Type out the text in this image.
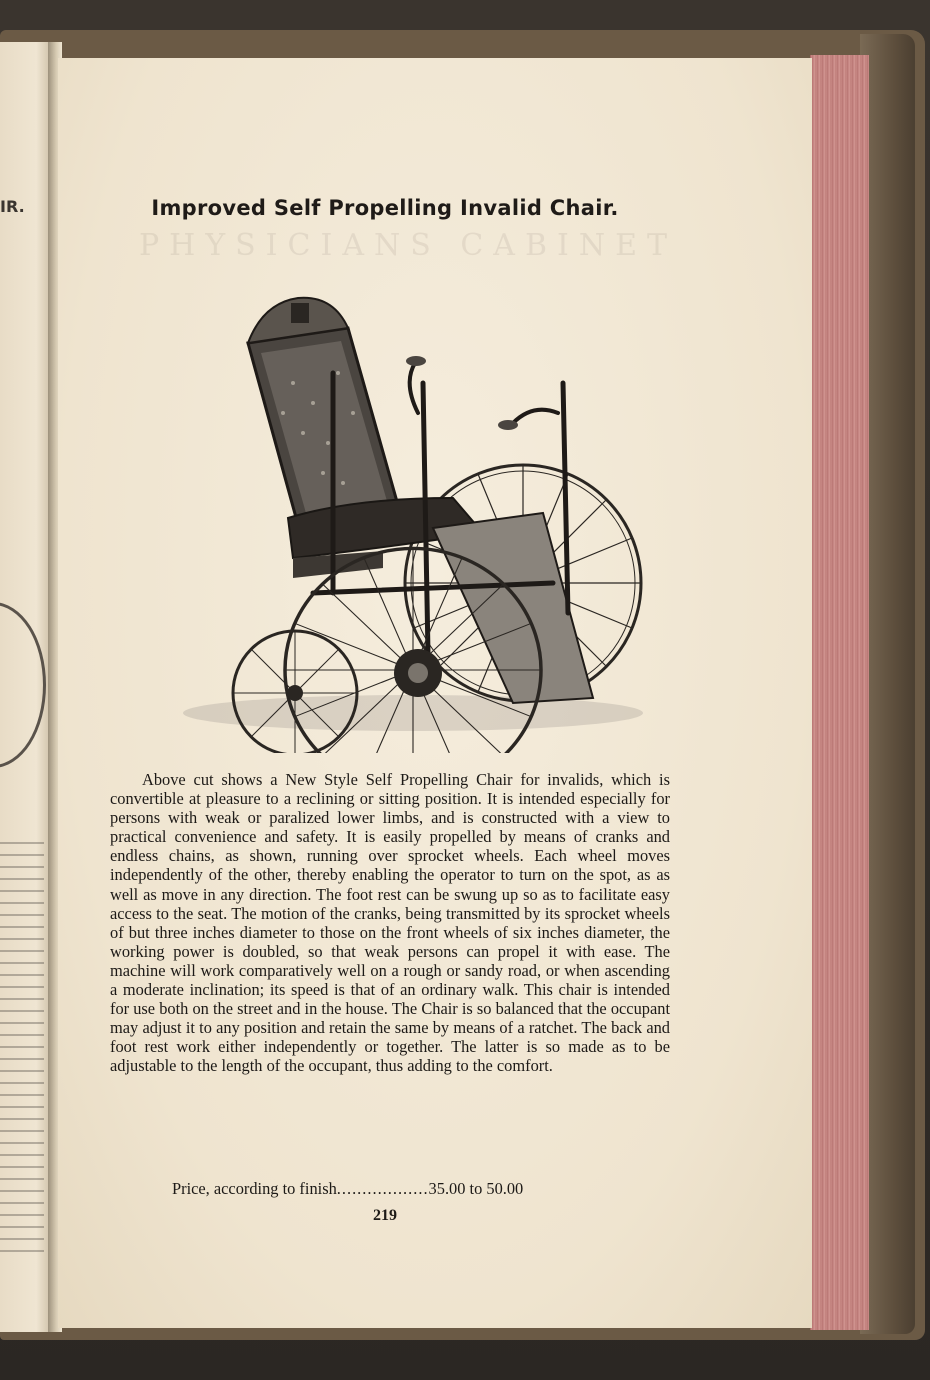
IR.
PHYSICIANS CABINET
Improved Self Propelling Invalid Chair.

Above cut shows a New Style Self Propelling Chair for invalids, which is convertible at pleasure to a reclining or sitting position. It is intended especially for persons with weak or paralized lower limbs, and is constructed with a view to practical convenience and safety. It is easily propelled by means of cranks and endless chains, as shown, running over sprocket wheels. Each wheel moves independently of the other, thereby enabling the operator to turn on the spot, as as well as move in any direction. The foot rest can be swung up so as to facilitate easy access to the seat. The motion of the cranks, being transmitted by its sprocket wheels of but three inches diameter to those on the front wheels of six inches diameter, the working power is doubled, so that weak persons can propel it with ease. The machine will work comparatively well on a rough or sandy road, or when ascending a moderate inclination; its speed is that of an ordinary walk. This chair is intended for use both on the street and in the house. The Chair is so balanced that the occupant may adjust it to any position and retain the same by means of a ratchet. The back and foot rest work either independently or together. The latter is so made as to be adjustable to the length of the occupant, thus adding to the comfort.

Price, according to finish..................35.00 to 50.00
219
